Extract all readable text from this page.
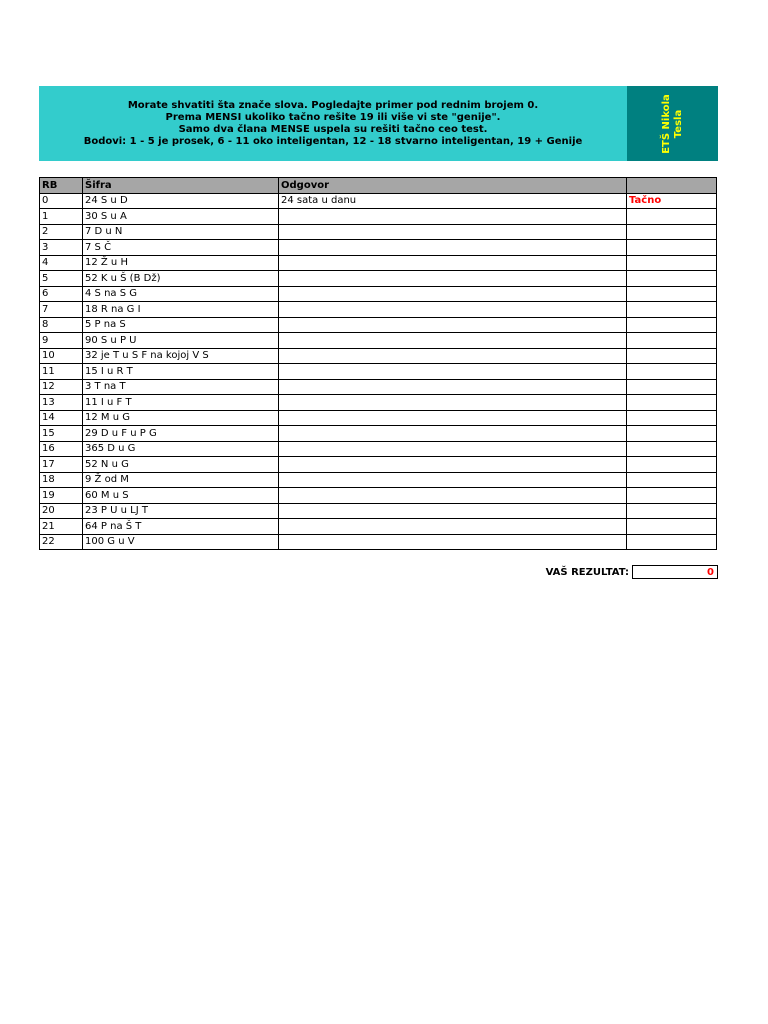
Morate shvatiti šta znače slova. Pogledajte primer pod rednim brojem 0.
Prema MENSI ukoliko tačno rešite 19 ili više vi ste "genije".
Samo dva člana MENSE uspela su rešiti tačno ceo test.
Bodovi: 1 - 5 je prosek, 6 - 11 oko inteligentan, 12 - 18 stvarno inteligentan, 19 + Genije	ETŠ Nikola Tesla
RB	Šifra	Odgovor	
0	24 S u D	24 sata u danu	Tačno
1	30 S u A		
2	7 D u N		
3	7 S Č		
4	12 Ž u H		
5	52 K u Š (B Dž)		
6	4 S na S G		
7	18 R na G I		
8	5 P na S		
9	90 S u P U		
10	32 je T u S F na kojoj V S		
11	15 I u R T		
12	3 T na T		
13	11 I u F T		
14	12 M u G		
15	29 D u F u P G		
16	365 D u G		
17	52 N u G		
18	9 Ž od M		
19	60 M u S		
20	23 P U u LJ T		
21	64 P na Š T		
22	100 G u V		
VAŠ REZULTAT:	0
